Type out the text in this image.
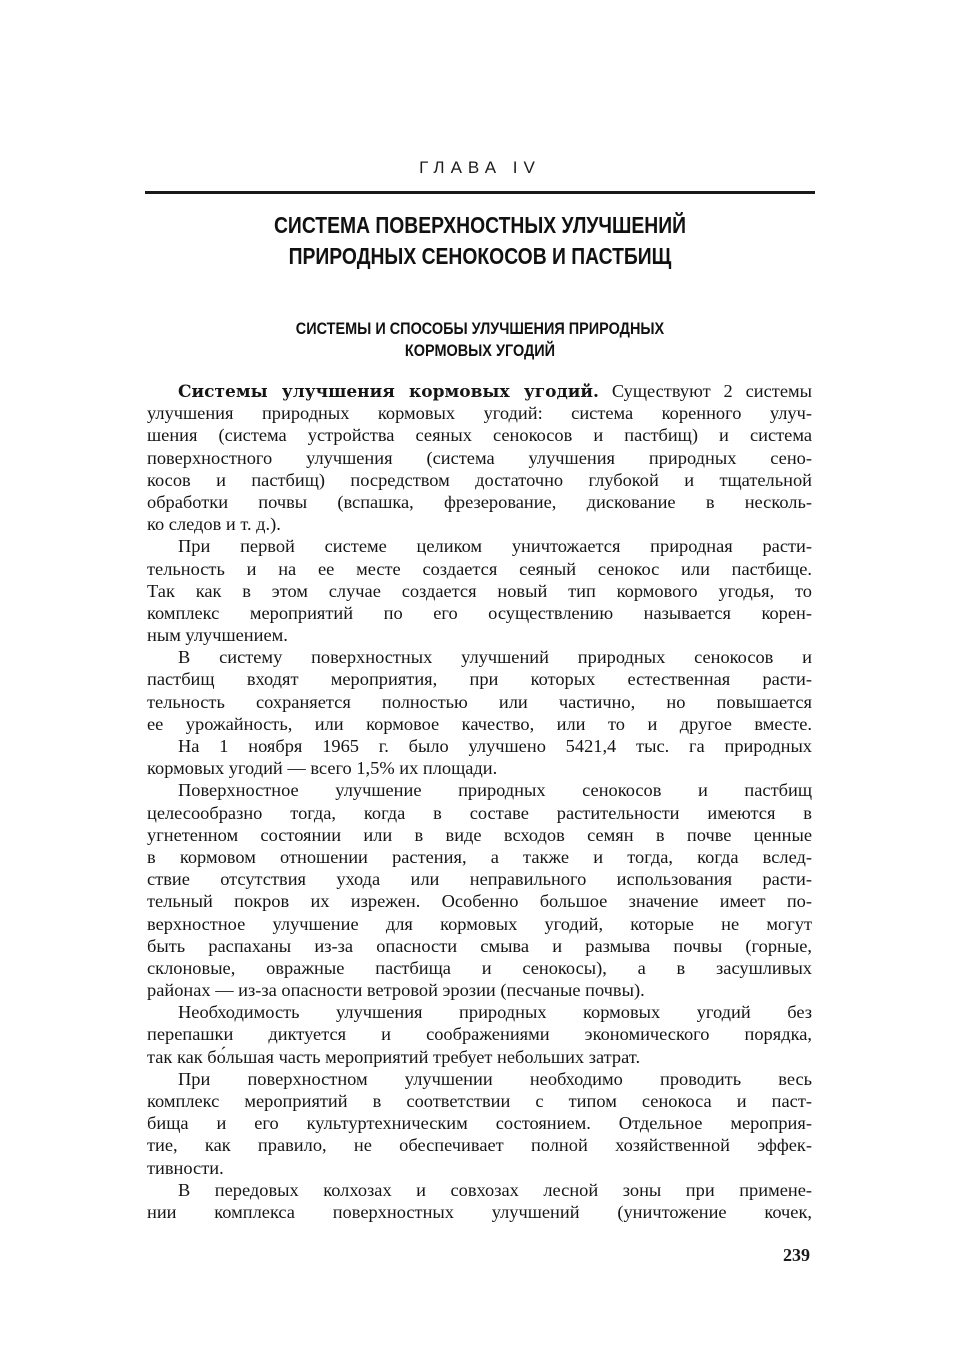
ГЛАВА IV
СИСТЕМА ПОВЕРХНОСТНЫХ УЛУЧШЕНИЙ
ПРИРОДНЫХ СЕНОКОСОВ И ПАСТБИЩ
СИСТЕМЫ И СПОСОБЫ УЛУЧШЕНИЯ ПРИРОДНЫХ
КОРМОВЫХ УГОДИЙ
Системы улучшения кормовых угодий. Существуют 2 системы
улучшения природных кормовых угодий: система коренного улуч-
шения (система устройства сеяных сенокосов и пастбищ) и система
поверхностного улучшения (система улучшения природных сено-
косов и пастбищ) посредством достаточно глубокой и тщательной
обработки почвы (вспашка, фрезерование, дискование в несколь-
ко следов и т. д.).
При первой системе целиком уничтожается природная расти-
тельность и на ее месте создается сеяный сенокос или пастбище.
Так как в этом случае создается новый тип кормового угодья, то
комплекс мероприятий по его осуществлению называется корен-
ным улучшением.
В систему поверхностных улучшений природных сенокосов и
пастбищ входят мероприятия, при которых естественная расти-
тельность сохраняется полностью или частично, но повышается
ее урожайность, или кормовое качество, или то и другое вместе.
На 1 ноября 1965 г. было улучшено 5421,4 тыс. га природных
кормовых угодий — всего 1,5% их площади.
Поверхностное улучшение природных сенокосов и пастбищ
целесообразно тогда, когда в составе растительности имеются в
угнетенном состоянии или в виде всходов семян в почве ценные
в кормовом отношении растения, а также и тогда, когда вслед-
ствие отсутствия ухода или неправильного использования расти-
тельный покров их изрежен. Особенно большое значение имеет по-
верхностное улучшение для кормовых угодий, которые не могут
быть распаханы из-за опасности смыва и размыва почвы (горные,
склоновые, овражные пастбища и сенокосы), а в засушливых
районах — из-за опасности ветровой эрозии (песчаные почвы).
Необходимость улучшения природных кормовых угодий без
перепашки диктуется и соображениями экономического порядка,
так как бо́льшая часть мероприятий требует небольших затрат.
При поверхностном улучшении необходимо проводить весь
комплекс мероприятий в соответствии с типом сенокоса и паст-
бища и его культуртехническим состоянием. Отдельное мероприя-
тие, как правило, не обеспечивает полной хозяйственной эффек-
тивности.
В передовых колхозах и совхозах лесной зоны при примене-
нии комплекса поверхностных улучшений (уничтожение кочек,
239
